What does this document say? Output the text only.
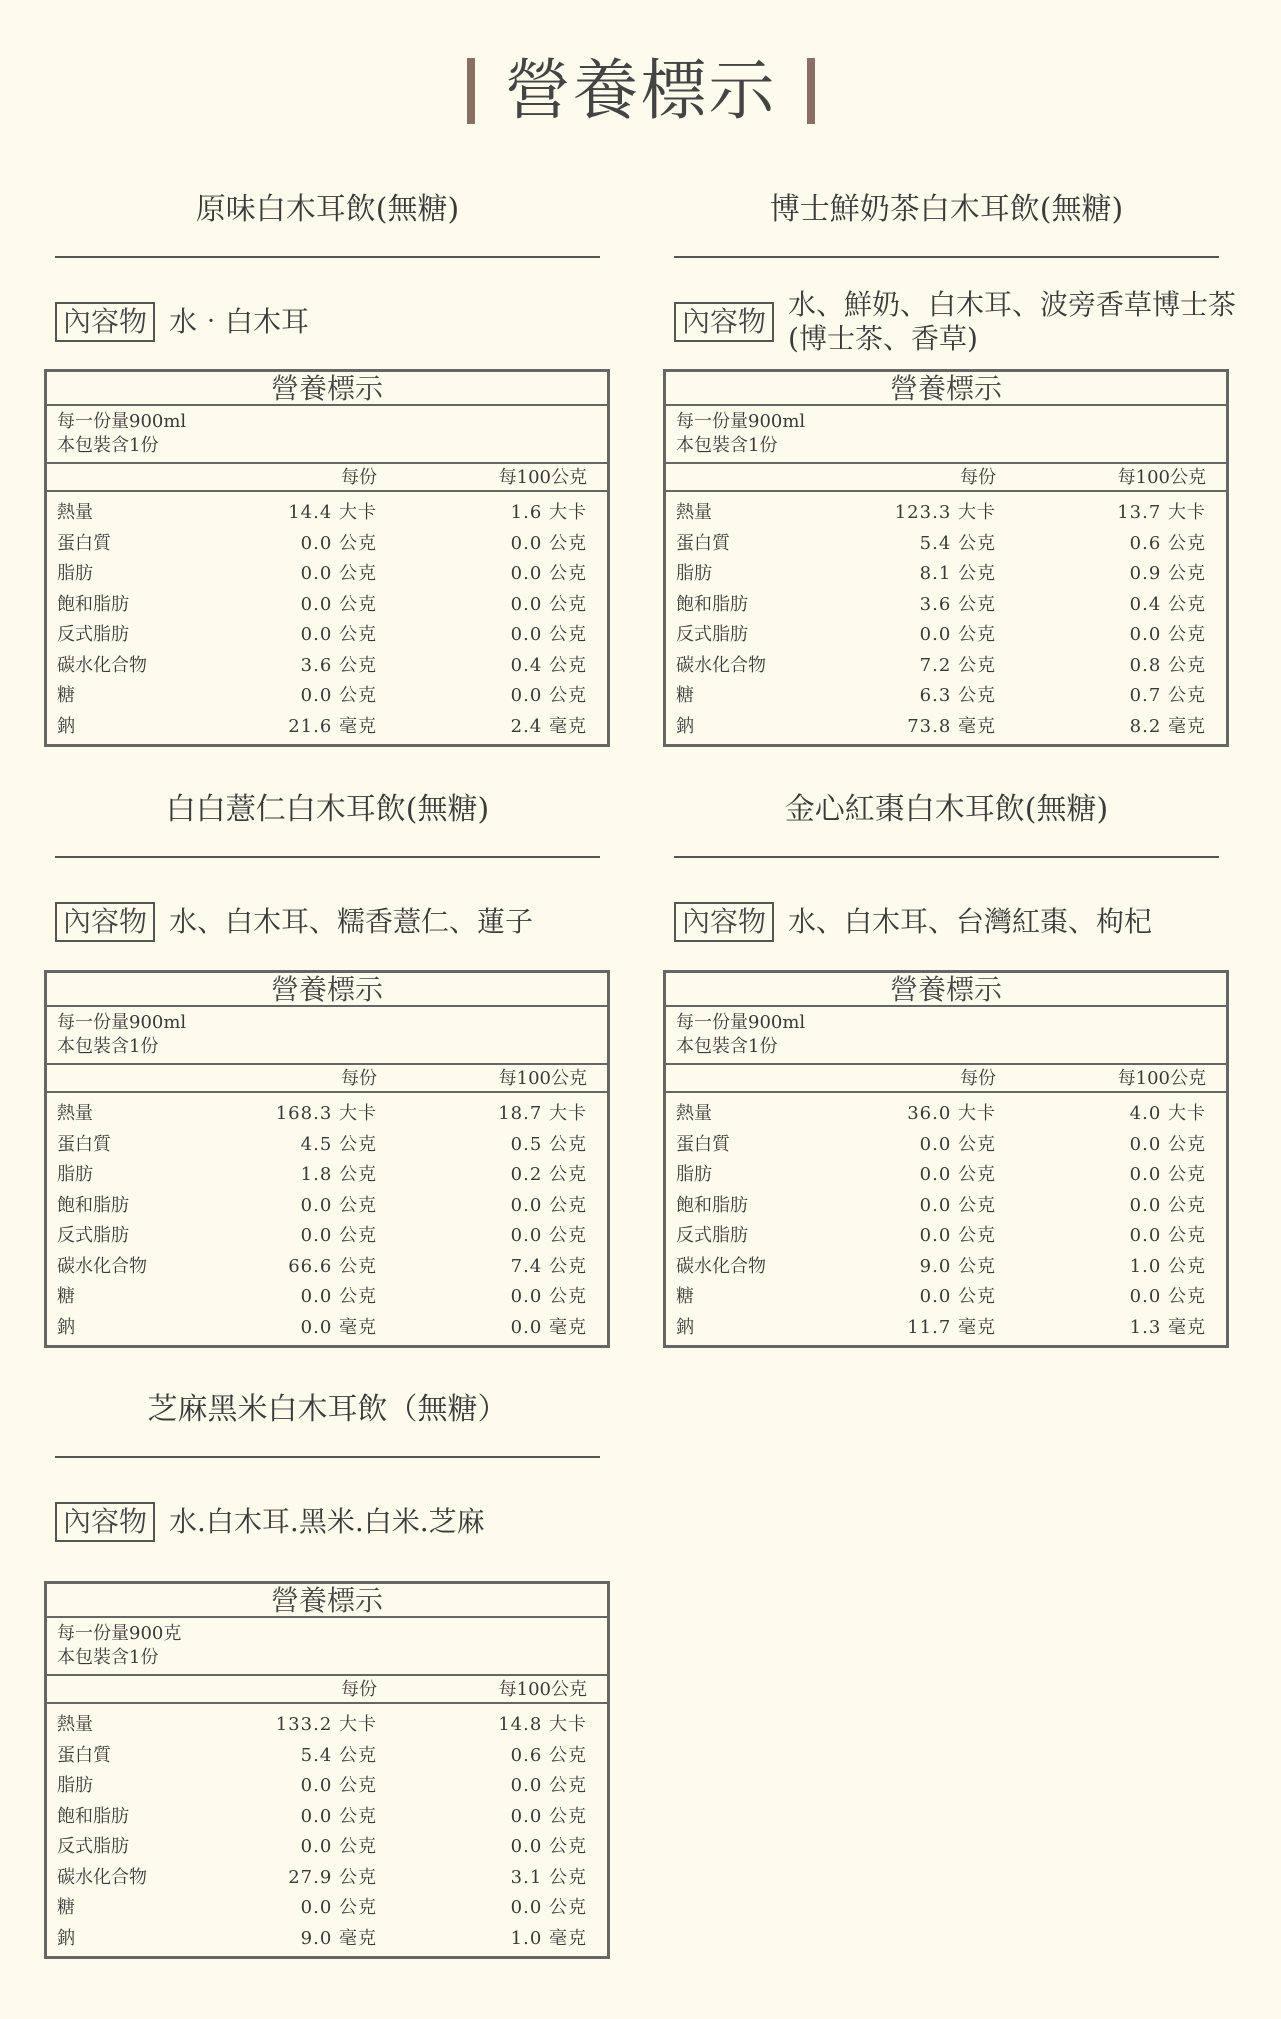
營養標示
原味白木耳飲(無糖)
內容物 水‧白木耳
博士鮮奶茶白木耳飲(無糖)
內容物
水、鮮奶、白木耳、波旁香草博士茶(博士茶、香草)
白白薏仁白木耳飲(無糖)
內容物 水、白木耳、糯香薏仁、蓮子
金心紅棗白木耳飲(無糖)
內容物 水、白木耳、台灣紅棗、枸杞
芝麻黑米白木耳飲（無糖）
內容物 水.白木耳.黑米.白米.芝麻
營養標示
每一份量900ml
本包裝含1份
每份	每100公克
熱量	14.4 大卡	1.6 大卡
蛋白質	0.0 公克	0.0 公克
脂肪	0.0 公克	0.0 公克
飽和脂肪	0.0 公克	0.0 公克
反式脂肪	0.0 公克	0.0 公克
碳水化合物	3.6 公克	0.4 公克
糖	0.0 公克	0.0 公克
鈉	21.6 毫克	2.4 毫克
營養標示
每一份量900ml
本包裝含1份
每份	每100公克
熱量	123.3 大卡	13.7 大卡
蛋白質	5.4 公克	0.6 公克
脂肪	8.1 公克	0.9 公克
飽和脂肪	3.6 公克	0.4 公克
反式脂肪	0.0 公克	0.0 公克
碳水化合物	7.2 公克	0.8 公克
糖	6.3 公克	0.7 公克
鈉	73.8 毫克	8.2 毫克
營養標示
每一份量900ml
本包裝含1份
每份	每100公克
熱量	168.3 大卡	18.7 大卡
蛋白質	4.5 公克	0.5 公克
脂肪	1.8 公克	0.2 公克
飽和脂肪	0.0 公克	0.0 公克
反式脂肪	0.0 公克	0.0 公克
碳水化合物	66.6 公克	7.4 公克
糖	0.0 公克	0.0 公克
鈉	0.0 毫克	0.0 毫克
營養標示
每一份量900ml
本包裝含1份
每份	每100公克
熱量	36.0 大卡	4.0 大卡
蛋白質	0.0 公克	0.0 公克
脂肪	0.0 公克	0.0 公克
飽和脂肪	0.0 公克	0.0 公克
反式脂肪	0.0 公克	0.0 公克
碳水化合物	9.0 公克	1.0 公克
糖	0.0 公克	0.0 公克
鈉	11.7 毫克	1.3 毫克
營養標示
每一份量900克
本包裝含1份
每份	每100公克
熱量	133.2 大卡	14.8 大卡
蛋白質	5.4 公克	0.6 公克
脂肪	0.0 公克	0.0 公克
飽和脂肪	0.0 公克	0.0 公克
反式脂肪	0.0 公克	0.0 公克
碳水化合物	27.9 公克	3.1 公克
糖	0.0 公克	0.0 公克
鈉	9.0 毫克	1.0 毫克
